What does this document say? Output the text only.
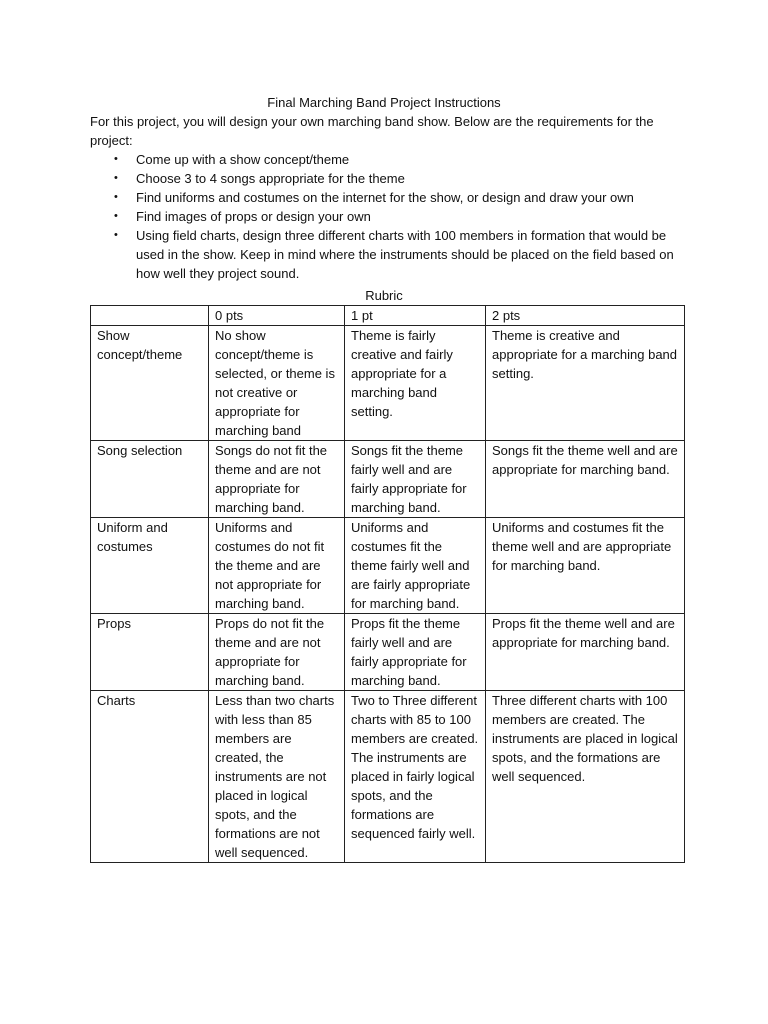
Final Marching Band Project Instructions
For this project, you will design your own marching band show. Below are the requirements for the project:
• Come up with a show concept/theme
• Choose 3 to 4 songs appropriate for the theme
• Find uniforms and costumes on the internet for the show, or design and draw your own
• Find images of props or design your own
• Using field charts, design three different charts with 100 members in formation that would be used in the show. Keep in mind where the instruments should be placed on the field based on how well they project sound.
Rubric
	0 pts	1 pt	2 pts
Show concept/theme	No show concept/theme is selected, or theme is not creative or appropriate for marching band	Theme is fairly creative and fairly appropriate for a marching band setting.	Theme is creative and appropriate for a marching band setting.
Song selection	Songs do not fit the theme and are not appropriate for marching band.	Songs fit the theme fairly well and are fairly appropriate for marching band.	Songs fit the theme well and are appropriate for marching band.
Uniform and costumes	Uniforms and costumes do not fit the theme and are not appropriate for marching band.	Uniforms and costumes fit the theme fairly well and are fairly appropriate for marching band.	Uniforms and costumes fit the theme well and are appropriate for marching band.
Props	Props do not fit the theme and are not appropriate for marching band.	Props fit the theme fairly well and are fairly appropriate for marching band.	Props fit the theme well and are appropriate for marching band.
Charts	Less than two charts with less than 85 members are created, the instruments are not placed in logical spots, and the formations are not well sequenced.	Two to Three different charts with 85 to 100 members are created. The instruments are placed in fairly logical spots, and the formations are sequenced fairly well.	Three different charts with 100 members are created. The instruments are placed in logical spots, and the formations are well sequenced.
